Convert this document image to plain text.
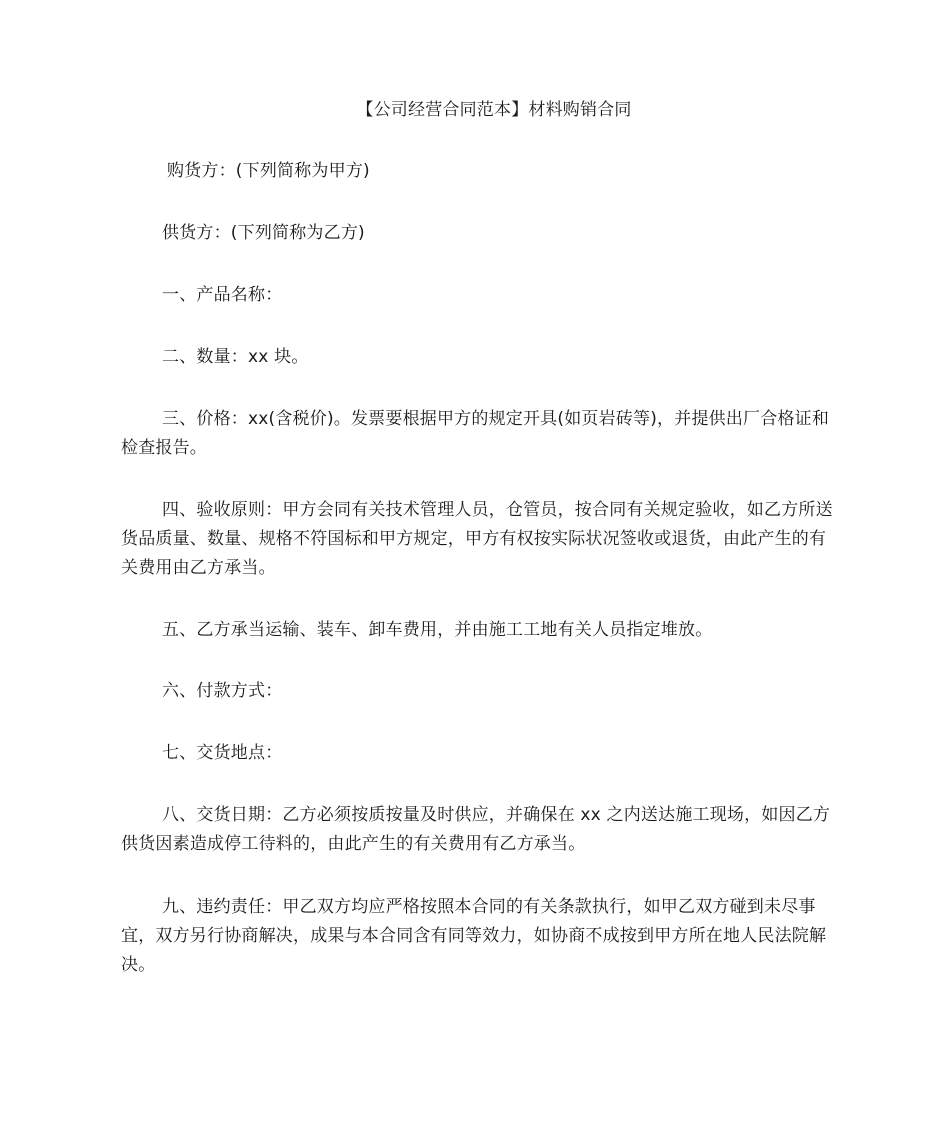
【公司经营合同范本】材料购销合同
购货方：(下列简称为甲方)
供货方：(下列简称为乙方)
一、产品名称：
二、数量：xx 块。
三、价格：xx(含税价)。发票要根据甲方的规定开具(如页岩砖等)，并提供出厂合格证和检查报告。
四、验收原则：甲方会同有关技术管理人员，仓管员，按合同有关规定验收，如乙方所送货品质量、数量、规格不符国标和甲方规定，甲方有权按实际状况签收或退货，由此产生的有关费用由乙方承当。
五、乙方承当运输、装车、卸车费用，并由施工工地有关人员指定堆放。
六、付款方式：
七、交货地点：
八、交货日期：乙方必须按质按量及时供应，并确保在 xx 之内送达施工现场，如因乙方供货因素造成停工待料的，由此产生的有关费用有乙方承当。
九、违约责任：甲乙双方均应严格按照本合同的有关条款执行，如甲乙双方碰到未尽事宜，双方另行协商解决，成果与本合同含有同等效力，如协商不成按到甲方所在地人民法院解决。
